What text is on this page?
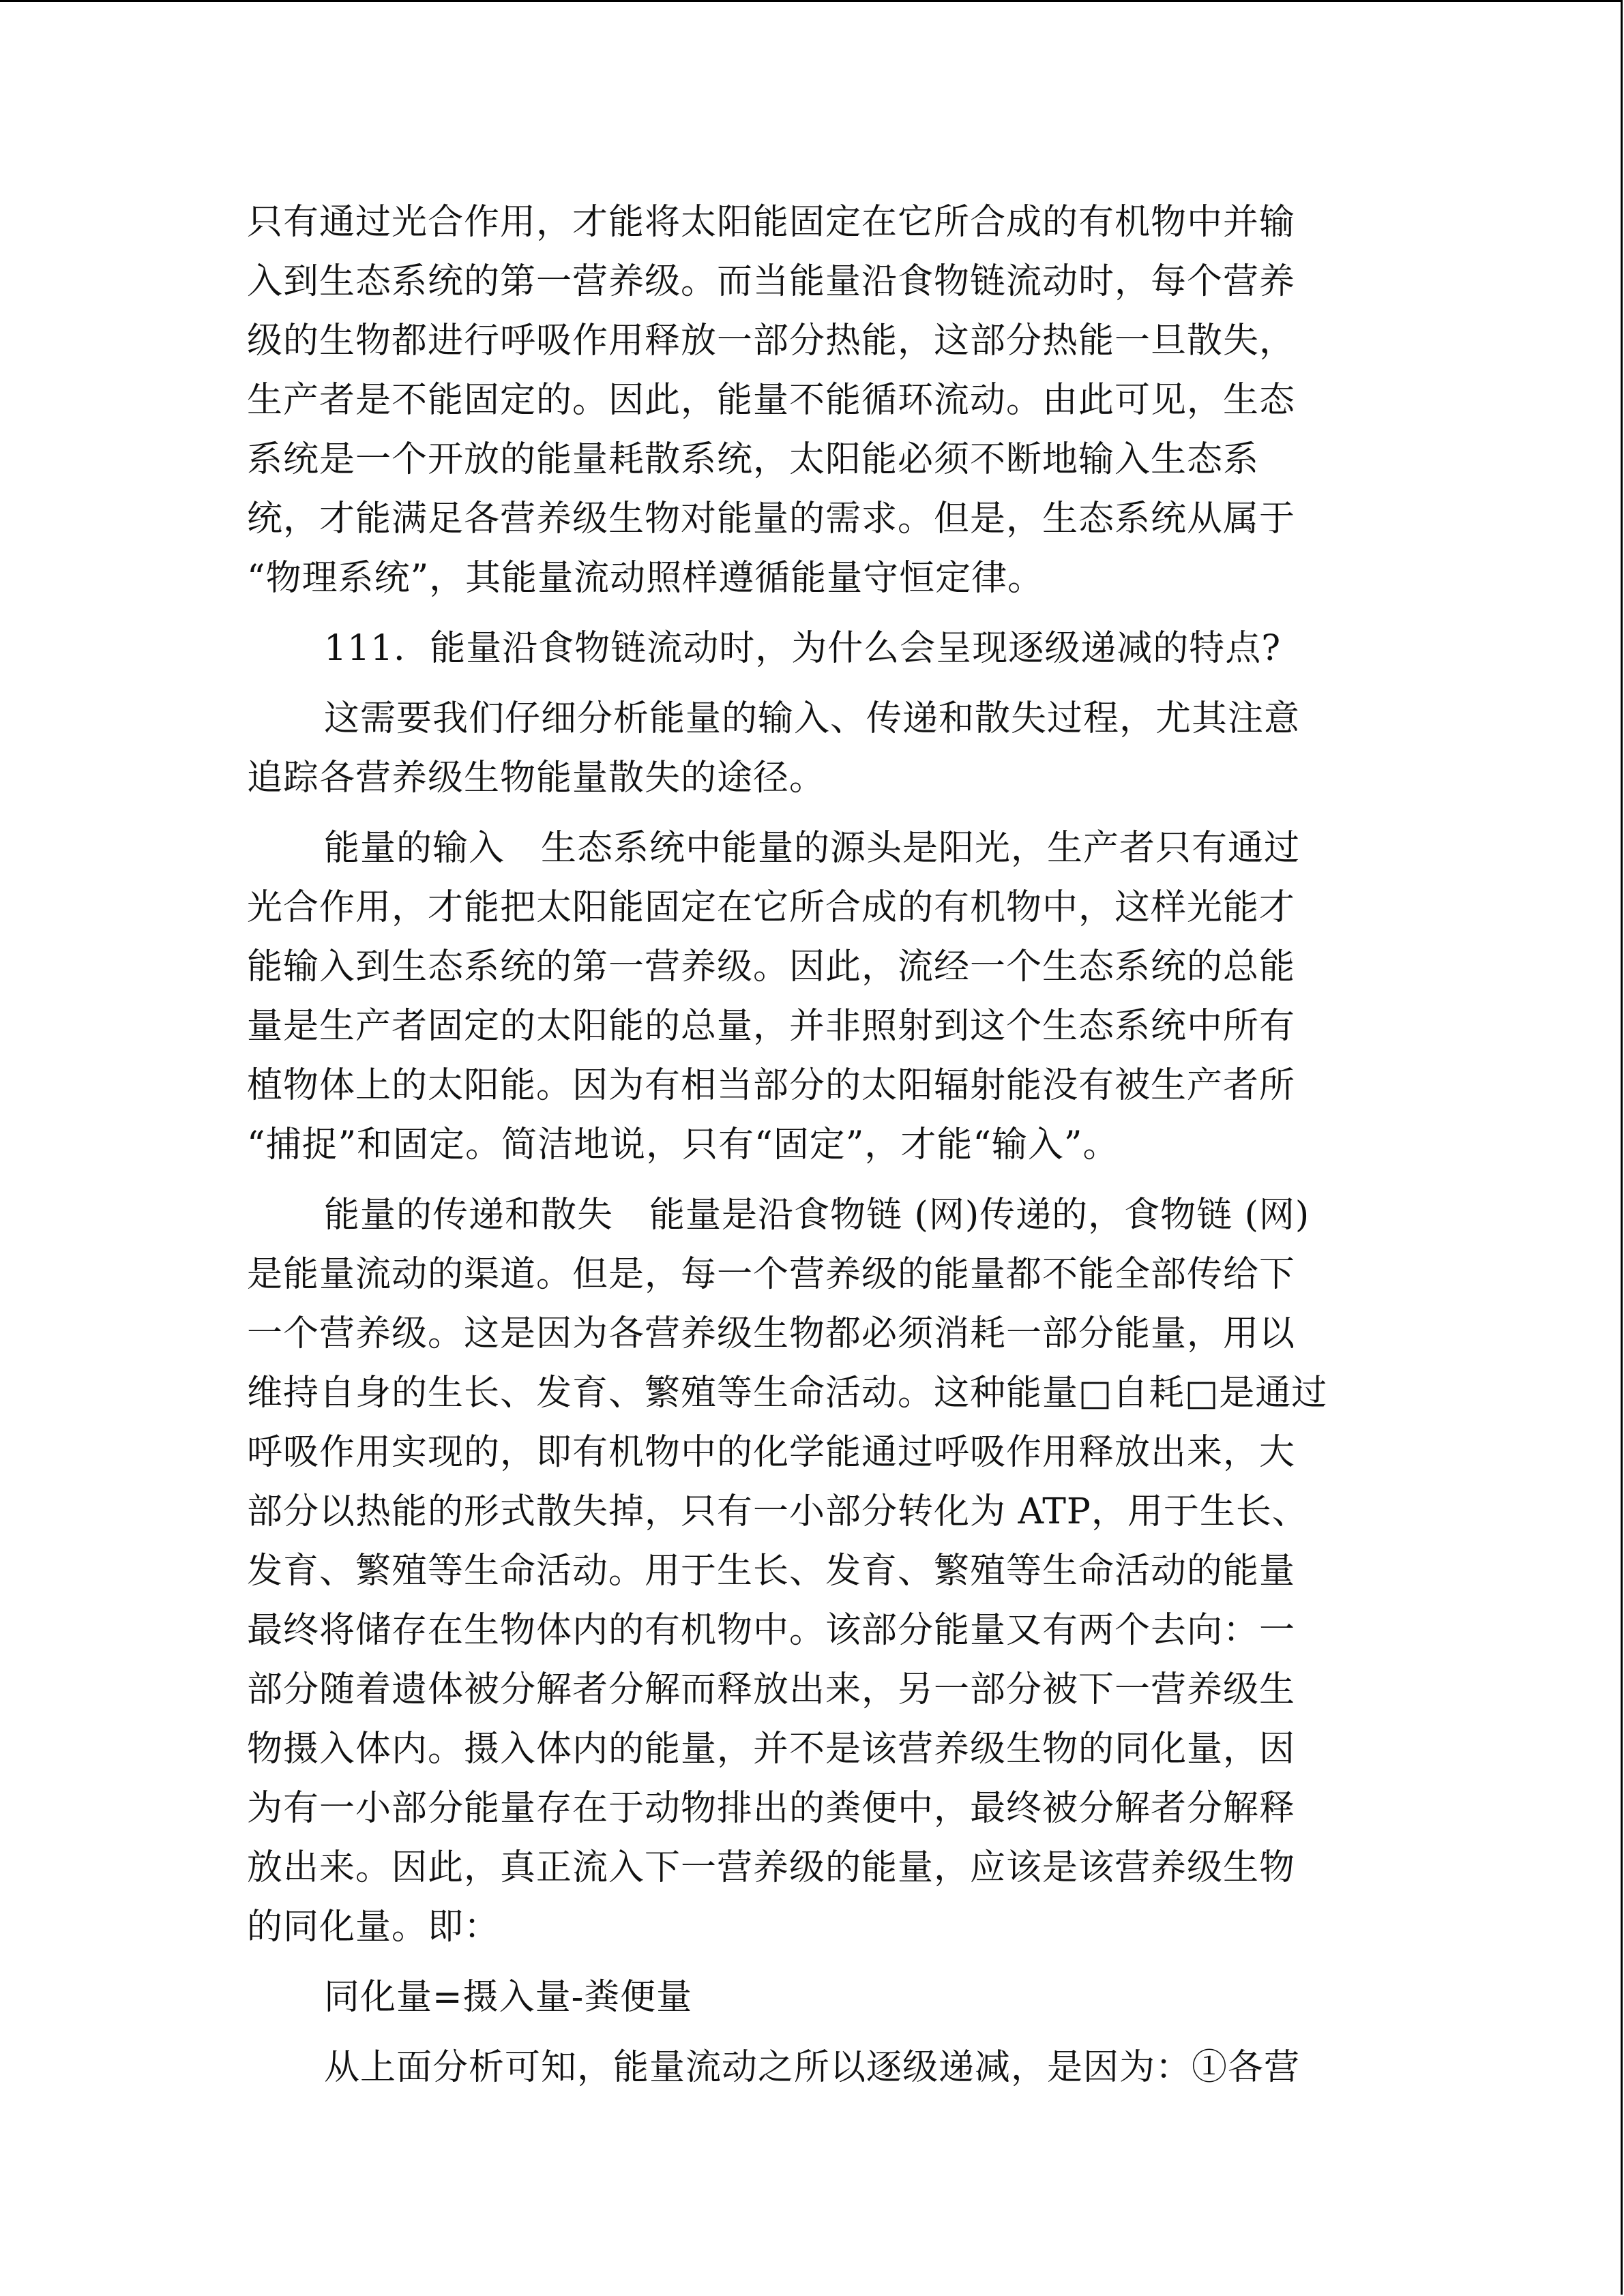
只有通过光合作用，才能将太阳能固定在它所合成的有机物中并输
入到生态系统的第一营养级。而当能量沿食物链流动时，每个营养
级的生物都进行呼吸作用释放一部分热能，这部分热能一旦散失，
生产者是不能固定的。因此，能量不能循环流动。由此可见，生态
系统是一个开放的能量耗散系统，太阳能必须不断地输入生态系
统，才能满足各营养级生物对能量的需求。但是，生态系统从属于
“物理系统”，其能量流动照样遵循能量守恒定律。
111．能量沿食物链流动时，为什么会呈现逐级递减的特点?
这需要我们仔细分析能量的输入、传递和散失过程，尤其注意
追踪各营养级生物能量散失的途径。
能量的输入　生态系统中能量的源头是阳光，生产者只有通过
光合作用，才能把太阳能固定在它所合成的有机物中，这样光能才
能输入到生态系统的第一营养级。因此，流经一个生态系统的总能
量是生产者固定的太阳能的总量，并非照射到这个生态系统中所有
植物体上的太阳能。因为有相当部分的太阳辐射能没有被生产者所
“捕捉”和固定。简洁地说，只有“固定”，才能“输入”。
能量的传递和散失　能量是沿食物链 (网)传递的，食物链 (网)
是能量流动的渠道。但是，每一个营养级的能量都不能全部传给下
一个营养级。这是因为各营养级生物都必须消耗一部分能量，用以
维持自身的生长、发育、繁殖等生命活动。这种能量□自耗□是通过
呼吸作用实现的，即有机物中的化学能通过呼吸作用释放出来，大
部分以热能的形式散失掉，只有一小部分转化为 ATP，用于生长、
发育、繁殖等生命活动。用于生长、发育、繁殖等生命活动的能量
最终将储存在生物体内的有机物中。该部分能量又有两个去向：一
部分随着遗体被分解者分解而释放出来，另一部分被下一营养级生
物摄入体内。摄入体内的能量，并不是该营养级生物的同化量，因
为有一小部分能量存在于动物排出的粪便中，最终被分解者分解释
放出来。因此，真正流入下一营养级的能量，应该是该营养级生物
的同化量。即：
同化量=摄入量-粪便量
从上面分析可知，能量流动之所以逐级递减，是因为：①各营
